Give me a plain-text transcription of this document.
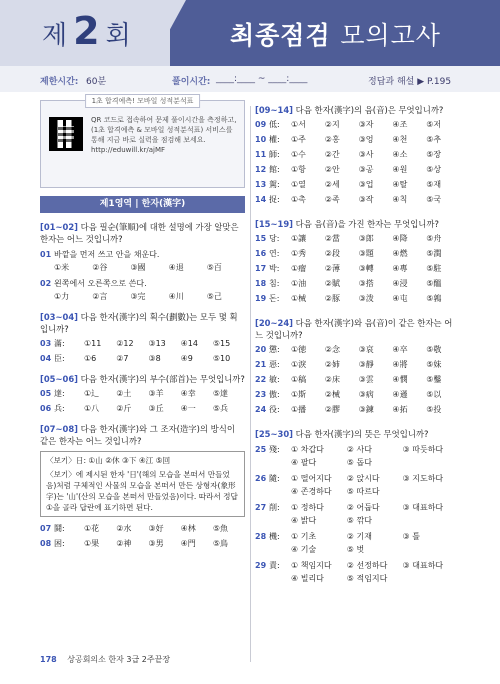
제 2 회	최종점검 모의고사
제한시간: 60분	풀이시간: ____:____ ~ ____:____	정답과 해설 ▶ P.195
1초 합격예측! 모바일 성적분석표
QR 코드로 접속하여 문제 풀이시간을 측정하고,
(1초 합격예측 & 모바일 성적분석표) 서비스를
통해 지금 바로 실력을 점검해 보세요.
http://eduwill.kr/ajMF
제1영역 | 한자(漢字)
[01~02] 다음 필순(筆順)에 대한 설명에 가장 알맞은 한자는 어느 것입니까?
01 바깥을 먼저 쓰고 안을 채운다.
①米	②谷	③國	④退	⑤百
02 왼쪽에서 오른쪽으로 쓴다.
①力	②言	③完	④川	⑤己
[03~04] 다음 한자(漢字)의 획수(劃數)는 모두 몇 획입니까?
03 滿:	①11	②12	③13	④14	⑤15
04 臣:	①6	②7	③8	④9	⑤10
[05~06] 다음 한자(漢字)의 부수(部首)는 무엇입니까?
05 達:	①辶	②土	③羊	④幸	⑤達
06 兵:	①八	②斤	③丘	④一	⑤兵
[07~08] 다음 한자(漢字)와 그 조자(造字)의 방식이 같은 한자는 어느 것입니까?
〈보기〉日: ①山 ②休 ③下 ④江 ⑤回
〈보기〉에 제시된 한자 '日'(해의 모습을 본떠서 만들었음)처럼 구체적인 사물의 모습을 본떠서 만든 상형자(象形字)는 '山'(산의 모습을 본떠서 만들었음)이다. 따라서 정답 ①을 골라 답란에 표기하면 된다.
07 鬪:	①花	②水	③好	④林	⑤魚
08 困:	①果	②神	③男	④門	⑤鳥
[09~14] 다음 한자(漢字)의 음(音)은 무엇입니까?
09 低:	①서	②지	③자	④조	⑤저
10 權:	①주	②홍	③엉	④천	⑤추
11 師:	①수	②간	③사	④소	⑤장
12 館:	①항	②안	③공	④원	⑤상
13 駕:	①열	②세	③업	④탈	⑤재
14 捉:	①촉	②족	③작	④칙	⑤국
[15~19] 다음 음(音)을 가진 한자는 무엇입니까?
15 당:	①讓	②當	③郎	④降	⑤舟
16 연:	①秀	②段	③題	④燃	⑤澗
17 박:	①瘤	②薄	③轉	④專	⑤駐
18 침:	①油	②賦	③搭	④浸	⑤醞
19 돈:	①械	②豚	③泼	④屯	⑤鶉
[20~24] 다음 한자(漢字)와 음(音)이 같은 한자는 어느 것입니까?
20 懲:	①徳	②念	③哀	④卒	⑤敬
21 惡:	①淚	②姉	③靜	④將	⑤妹
22 敏:	①稿	②床	③雲	④憫	⑤鑿
23 傲:	①斯	②械	③病	④遜	⑤以
24 役:	①播	②膠	③鍊	④拓	⑤投
[25~30] 다음 한자(漢字)의 뜻은 무엇입니까?
25 殘:	① 차갑다	② 사다	③ 따듯하다
④ 팔다	⑤ 돕다
26 隨:	① 떨어지다	② 앉시다	③ 지도하다
④ 존경하다	⑤ 따르다
27 削:	① 정하다	② 어둡다	③ 대표하다
④ 밝다	⑤ 깎다
28 機:	① 기초	② 기재	③ 틀
④ 기술	⑤ 벗
29 責:	① 책임지다	② 선정하다	③ 대표하다
④ 빌리다	⑤ 적임지다
178 상공회의소 한자 3급 2주끝장
